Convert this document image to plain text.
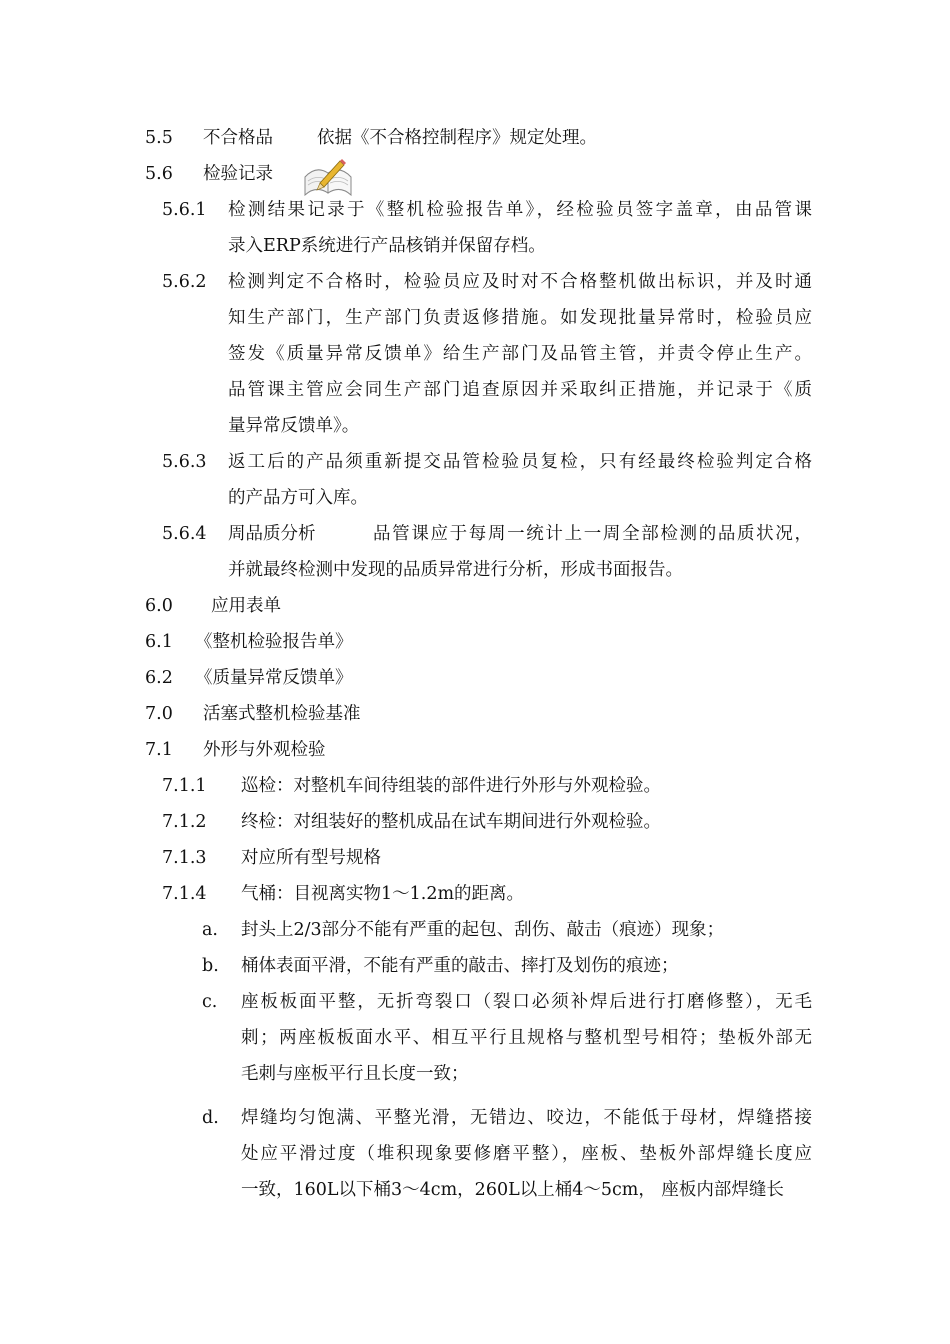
5.5 不合格品	依据《不合格控制程序》规定处理。
5.6 检验记录
5.6.1 检测结果记录于《整机检验报告单》，经检验员签字盖章，由品管课
录入ERP系统进行产品核销并保留存档。
5.6.2 检测判定不合格时，检验员应及时对不合格整机做出标识，并及时通
知生产部门，生产部门负责返修措施。如发现批量异常时，检验员应
签发《质量异常反馈单》给生产部门及品管主管，并责令停止生产。
品管课主管应会同生产部门追查原因并采取纠正措施，并记录于《质
量异常反馈单》。
5.6.3 返工后的产品须重新提交品管检验员复检，只有经最终检验判定合格
的产品方可入库。
5.6.4 周品质分析	品管课应于每周一统计上一周全部检测的品质状况，
并就最终检测中发现的品质异常进行分析，形成书面报告。
6.0 应用表单
6.1 《整机检验报告单》
6.2 《质量异常反馈单》
7.0 活塞式整机检验基准
7.1 外形与外观检验
7.1.1 巡检：对整机车间待组装的部件进行外形与外观检验。
7.1.2 终检：对组装好的整机成品在试车期间进行外观检验。
7.1.3 对应所有型号规格
7.1.4 气桶：目视离实物1～1.2m的距离。
a. 封头上2/3部分不能有严重的起包、刮伤、敲击（痕迹）现象；
b. 桶体表面平滑，不能有严重的敲击、摔打及划伤的痕迹；
c. 座板板面平整，无折弯裂口（裂口必须补焊后进行打磨修整），无毛
刺；两座板板面水平、相互平行且规格与整机型号相符；垫板外部无
毛刺与座板平行且长度一致；
d. 焊缝均匀饱满、平整光滑，无错边、咬边，不能低于母材，焊缝搭接
处应平滑过度（堆积现象要修磨平整），座板、垫板外部焊缝长度应
一致，160L以下桶3～4cm，260L以上桶4～5cm， 座板内部焊缝长
